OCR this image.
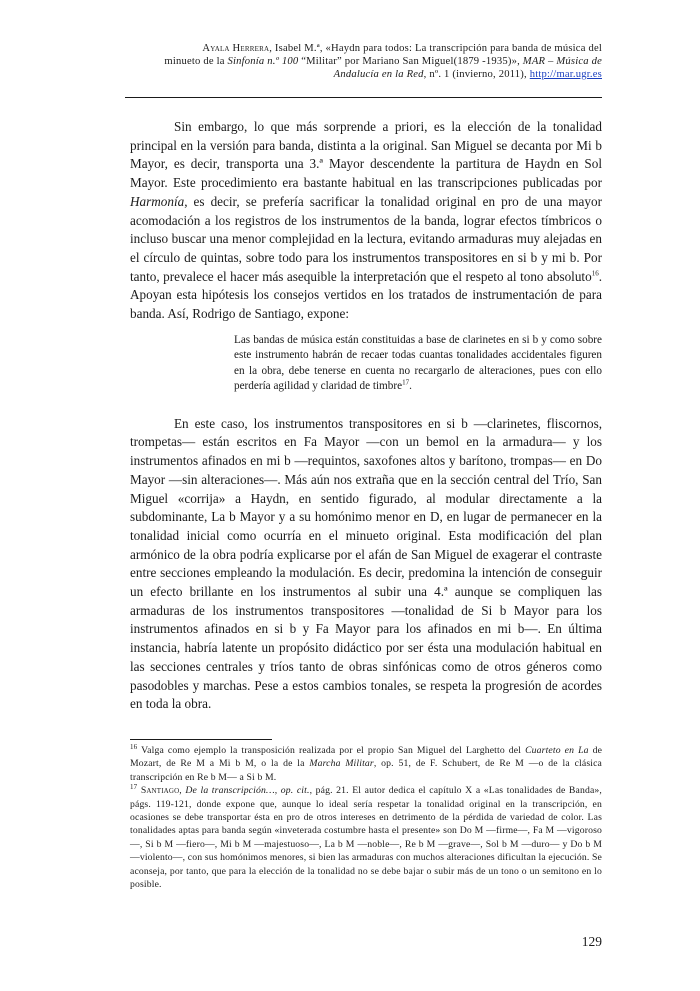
Ayala Herrera, Isabel M.ª, «Haydn para todos: La transcripción para banda de música del
minueto de la Sinfonía n.º 100 “Militar” por Mariano San Miguel(1879 -1935)», MAR – Música de
Andalucía en la Red, nº. 1 (invierno, 2011), http://mar.ugr.es

Sin embargo, lo que más sorprende a priori, es la elección de la tonalidad principal en la versión para banda, distinta a la original. San Miguel se decanta por Mi b Mayor, es decir, transporta una 3.ª Mayor descendente la partitura de Haydn en Sol Mayor. Este procedimiento era bastante habitual en las transcripciones publicadas por Harmonía, es decir, se prefería sacrificar la tonalidad original en pro de una mayor acomodación a los registros de los instrumentos de la banda, lograr efectos tímbricos o incluso buscar una menor complejidad en la lectura, evitando armaduras muy alejadas en el círculo de quintas, sobre todo para los instrumentos transpositores en si b y mi b. Por tanto, prevalece el hacer más asequible la interpretación que el respeto al tono absoluto$^{16}$. Apoyan esta hipótesis los consejos vertidos en los tratados de instrumentación de para banda. Así, Rodrigo de Santiago, expone:

Las bandas de música están constituidas a base de clarinetes en si b y como sobre este instrumento habrán de recaer todas cuantas tonalidades accidentales figuren en la obra, debe tenerse en cuenta no recargarlo de alteraciones, pues con ello perdería agilidad y claridad de timbre$^{17}$.

En este caso, los instrumentos transpositores en si b —clarinetes, fliscornos, trompetas— están escritos en Fa Mayor —con un bemol en la armadura— y los instrumentos afinados en mi b —requintos, saxofones altos y barítono, trompas— en Do Mayor —sin alteraciones—. Más aún nos extraña que en la sección central del Trío, San Miguel «corrija» a Haydn, en sentido figurado, al modular directamente a la subdominante, La b Mayor y a su homónimo menor en D, en lugar de permanecer en la tonalidad inicial como ocurría en el minueto original. Esta modificación del plan armónico de la obra podría explicarse por el afán de San Miguel de exagerar el contraste entre secciones empleando la modulación. Es decir, predomina la intención de conseguir un efecto brillante en los instrumentos al subir una 4.ª aunque se compliquen las armaduras de los instrumentos transpositores —tonalidad de Si b Mayor para los instrumentos afinados en si b y Fa Mayor para los afinados en mi b—. En última instancia, habría latente un propósito didáctico por ser ésta una modulación habitual en las secciones centrales y tríos tanto de obras sinfónicas como de otros géneros como pasodobles y marchas. Pese a estos cambios tonales, se respeta la progresión de acordes en toda la obra.

$^{16}$ Valga como ejemplo la transposición realizada por el propio San Miguel del Larghetto del Cuarteto en La de Mozart, de Re M a Mi b M, o la de la Marcha Militar, op. 51, de F. Schubert, de Re M —o de la clásica transcripción en Re b M— a Si b M.

$^{17}$ Santiago, De la transcripción…, op. cit., pág. 21. El autor dedica el capítulo X a «Las tonalidades de Banda», págs. 119-121, donde expone que, aunque lo ideal sería respetar la tonalidad original en la transcripción, en ocasiones se debe transportar ésta en pro de otros intereses en detrimento de la pérdida de variedad de color. Las tonalidades aptas para banda según «inveterada costumbre hasta el presente» son Do M —firme—, Fa M —vigoroso—, Si b M —fiero—, Mi b M —majestuoso—, La b M —noble—, Re b M —grave—, Sol b M —duro— y Do b M —violento—, con sus homónimos menores, si bien las armaduras con muchos alteraciones dificultan la ejecución. Se aconseja, por tanto, que para la elección de la tonalidad no se debe bajar o subir más de un tono o un semitono en lo posible.

129
